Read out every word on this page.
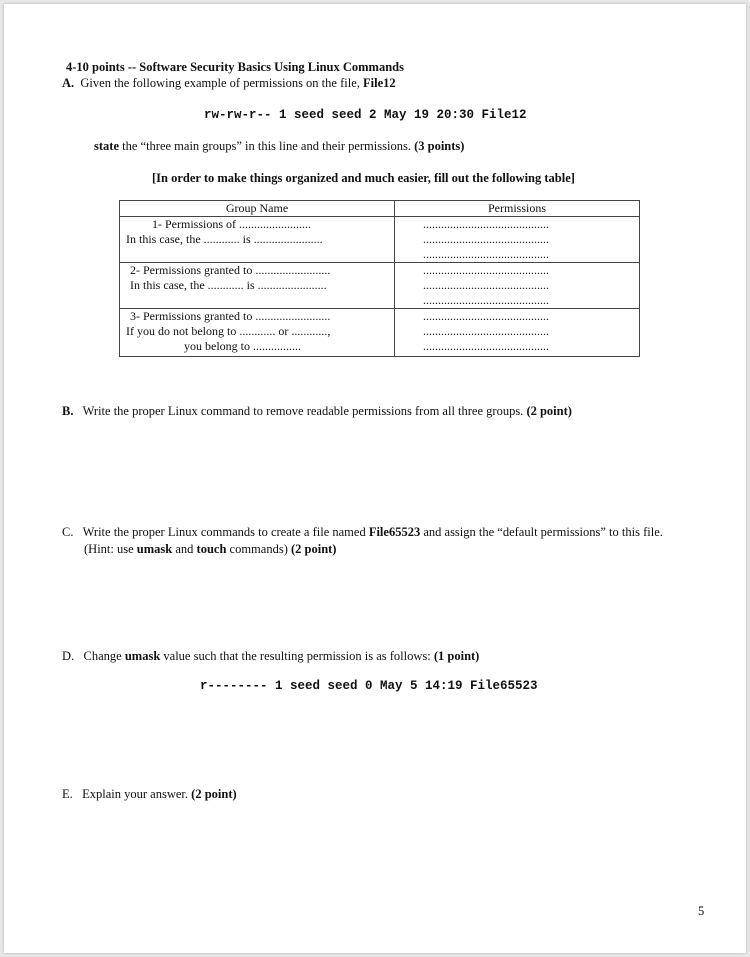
4-10 points -- Software Security Basics Using Linux Commands
A. Given the following example of permissions on the file, File12
rw-rw-r-- 1 seed seed 2 May 19 20:30 File12
state the “three main groups” in this line and their permissions. (3 points)
[In order to make things organized and much easier, fill out the following table]
Group Name	Permissions

1- Permissions of ........................
In this case, the ............ is .......................	..........................................
..........................................
..........................................

2- Permissions granted to .........................
In this case, the ............ is .......................	..........................................
..........................................
..........................................

3- Permissions granted to .........................
If you do not belong to ............ or ............,
you belong to ................	..........................................
..........................................
..........................................
B. Write the proper Linux command to remove readable permissions from all three groups. (2 point)
C. Write the proper Linux commands to create a file named File65523 and assign the “default permissions” to this file.
(Hint: use umask and touch commands) (2 point)
D. Change umask value such that the resulting permission is as follows: (1 point)
r-------- 1 seed seed 0 May 5 14:19 File65523
E. Explain your answer. (2 point)
5
